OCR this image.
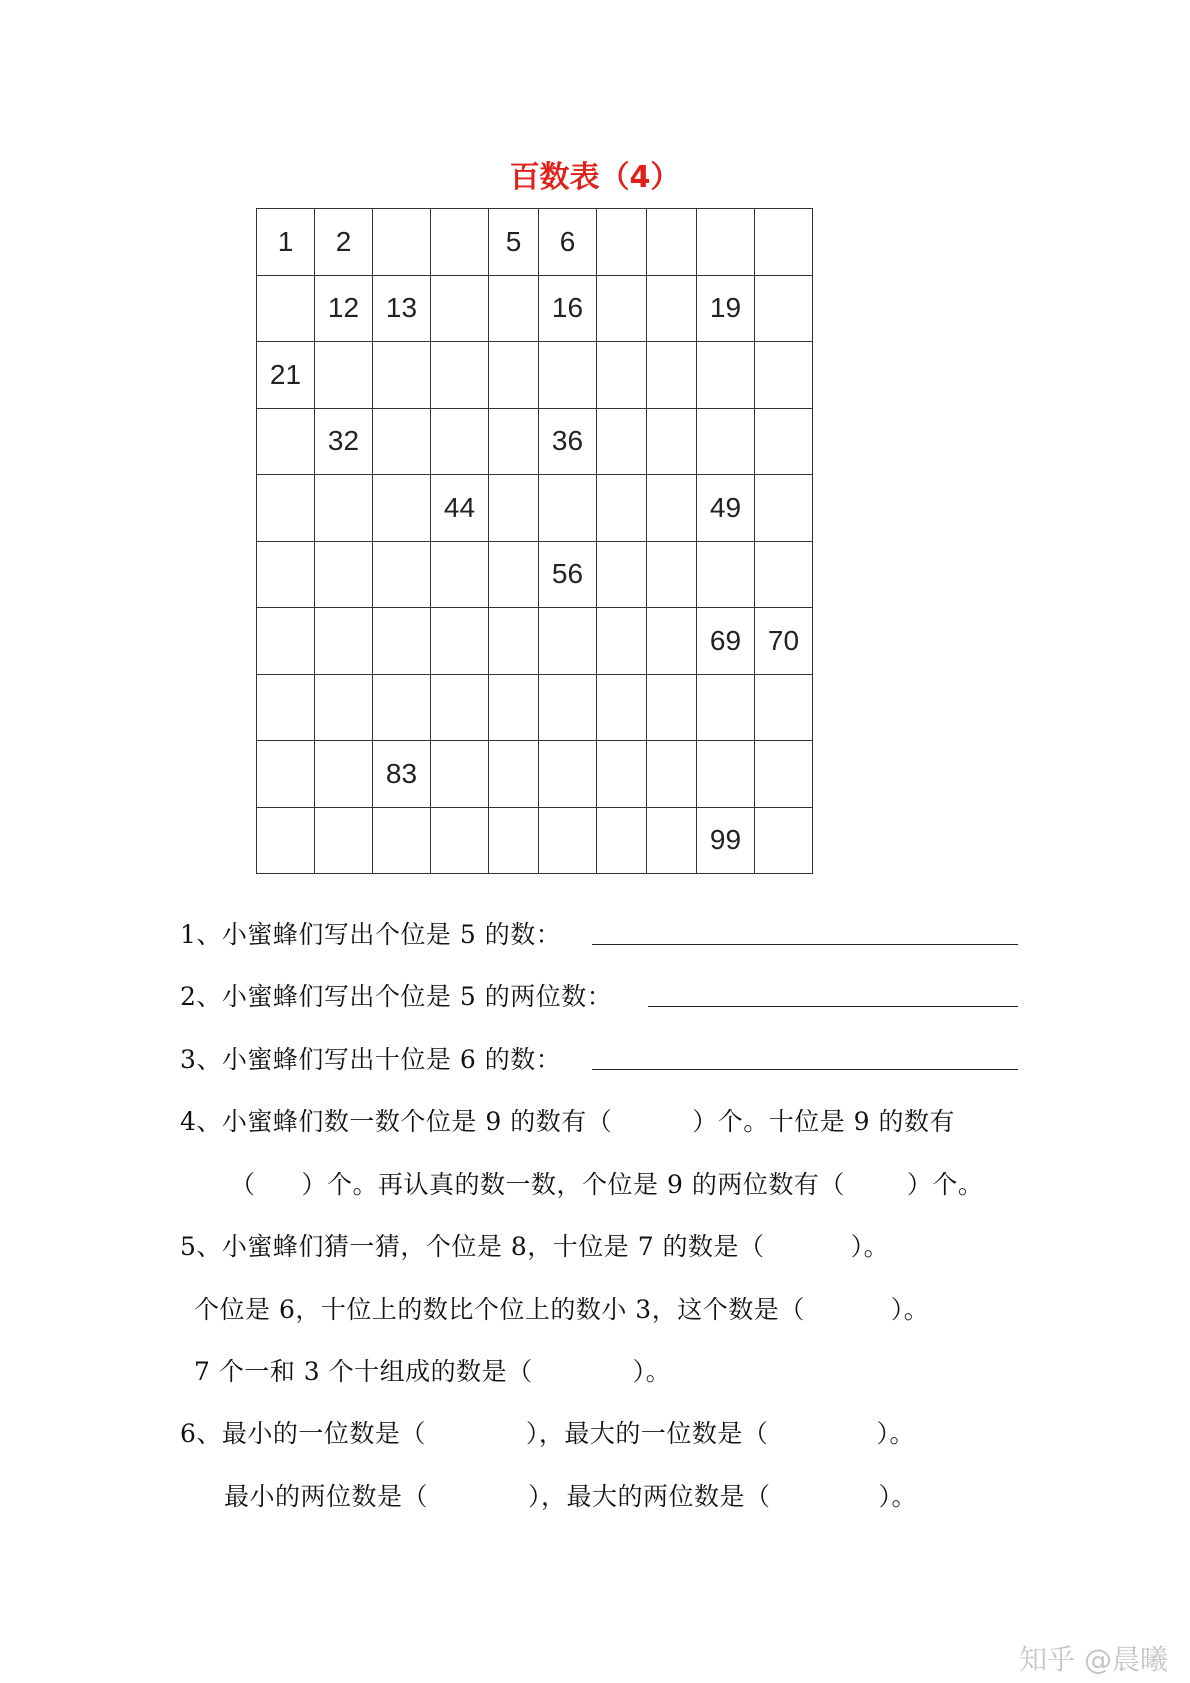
百数表（4）
1	2			5	6				
	12	13			16			19	
21									
	32				36				
			44					49	
					56				
								69	70

		83							
								99	
1、小蜜蜂们写出个位是 5 的数：
2、小蜜蜂们写出个位是 5 的两位数：
3、小蜜蜂们写出十位是 6 的数：
4、小蜜蜂们数一数个位是 9 的数有（	）个。十位是 9 的数有
（ ）个。再认真的数一数，个位是 9 的两位数有（ ）个。
5、小蜜蜂们猜一猜，个位是 8，十位是 7 的数是（	）。
个位是 6，十位上的数比个位上的数小 3，这个数是（	）。
7 个一和 3 个十组成的数是（	）。
6、最小的一位数是（	），最大的一位数是（	）。
最小的两位数是（	），最大的两位数是（	）。
知乎 @晨曦
